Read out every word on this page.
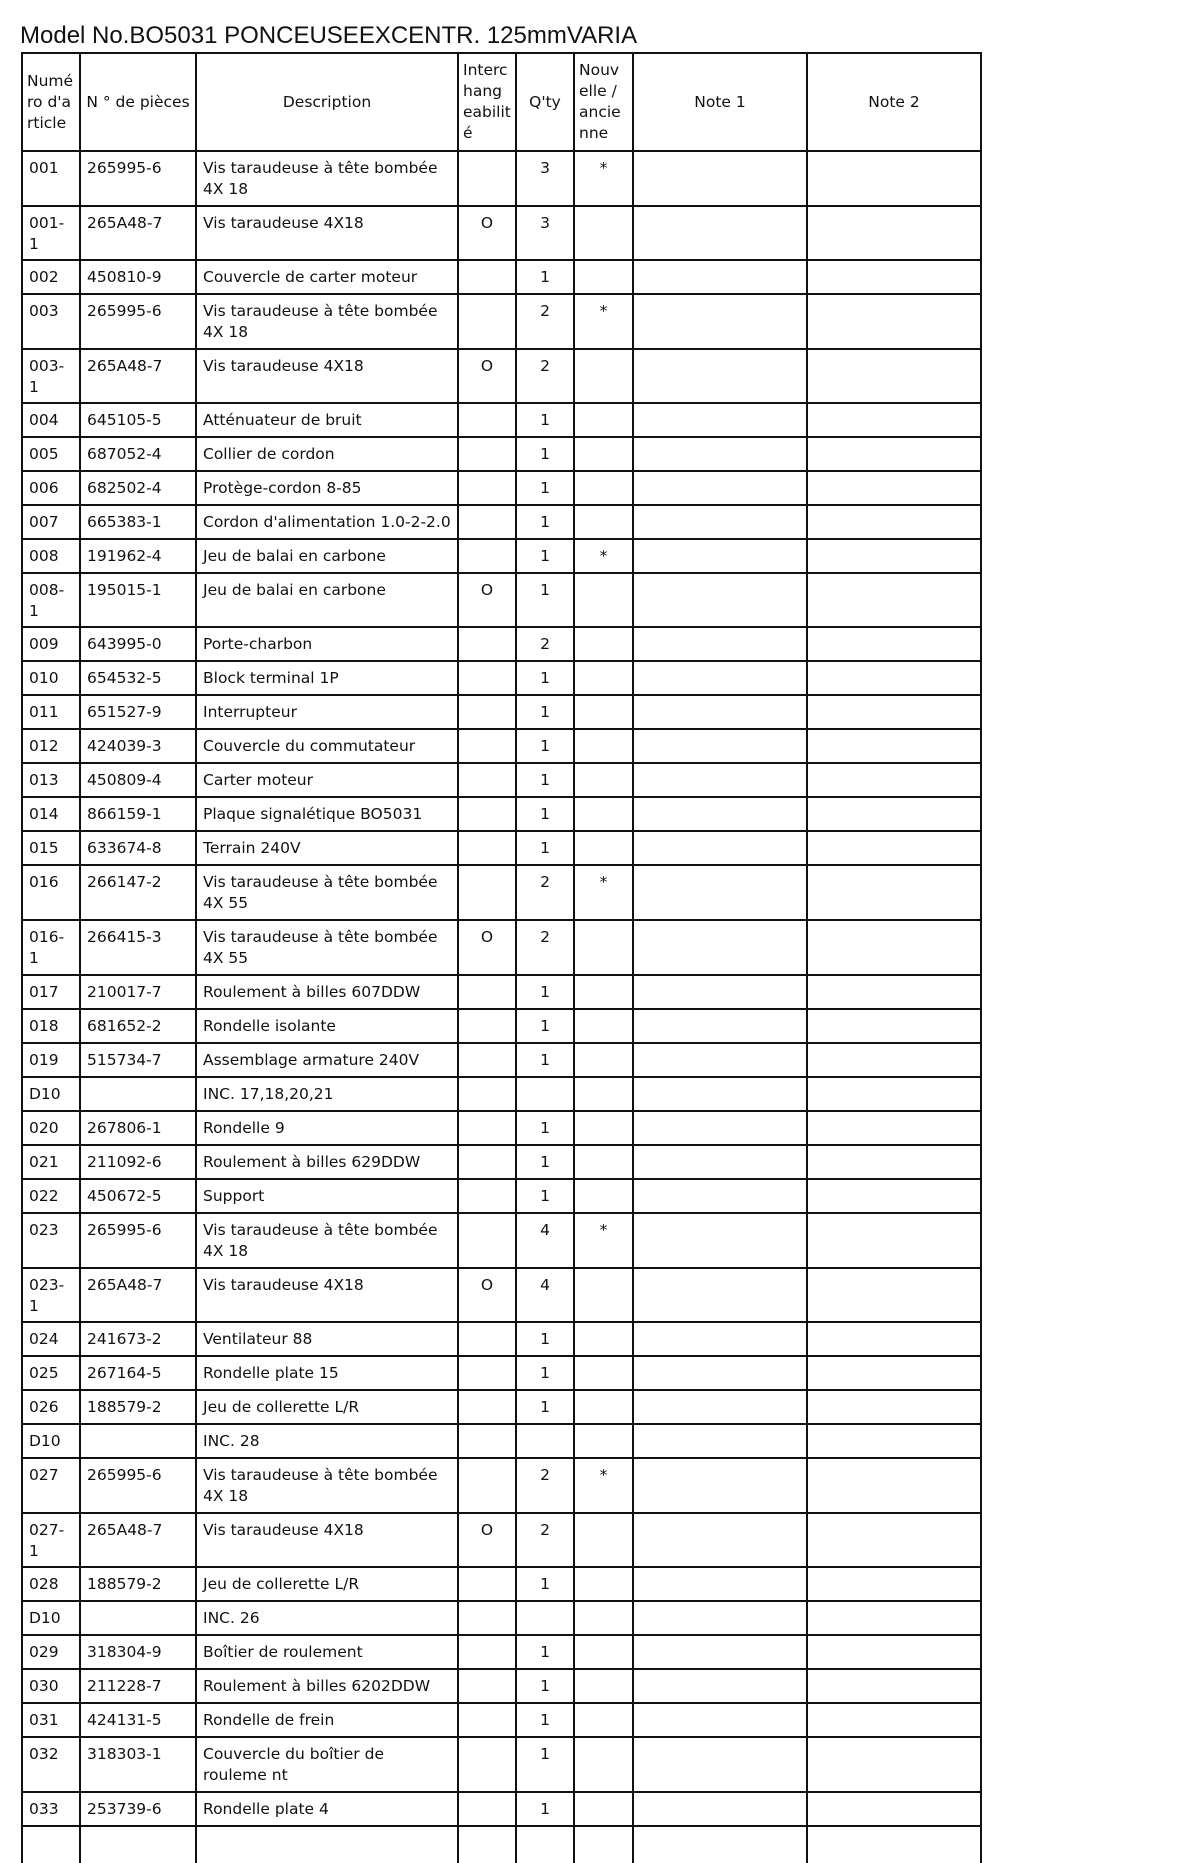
Model No.BO5031 PONCEUSEEXCENTR. 125mmVARIA
Numé
ro d'a
rticle	N ° de pièces	Description	Interc
hang
eabilit
é	Q'ty	Nouv
elle /
ancie
nne	Note 1	Note 2
001	265995-6	Vis taraudeuse à tête bombée 4X 18		3	*		
001-1	265A48-7	Vis taraudeuse 4X18	O	3			
002	450810-9	Couvercle de carter moteur		1			
003	265995-6	Vis taraudeuse à tête bombée 4X 18		2	*		
003-1	265A48-7	Vis taraudeuse 4X18	O	2			
004	645105-5	Atténuateur de bruit		1			
005	687052-4	Collier de cordon		1			
006	682502-4	Protège-cordon 8-85		1			
007	665383-1	Cordon d'alimentation 1.0-2-2.0		1			
008	191962-4	Jeu de balai en carbone		1	*		
008-1	195015-1	Jeu de balai en carbone	O	1			
009	643995-0	Porte-charbon		2			
010	654532-5	Block terminal 1P		1			
011	651527-9	Interrupteur		1			
012	424039-3	Couvercle du commutateur		1			
013	450809-4	Carter moteur		1			
014	866159-1	Plaque signalétique BO5031		1			
015	633674-8	Terrain 240V		1			
016	266147-2	Vis taraudeuse à tête bombée 4X 55		2	*		
016-1	266415-3	Vis taraudeuse à tête bombée 4X 55	O	2			
017	210017-7	Roulement à billes 607DDW		1			
018	681652-2	Rondelle isolante		1			
019	515734-7	Assemblage armature 240V		1			
D10		INC. 17,18,20,21					
020	267806-1	Rondelle 9		1			
021	211092-6	Roulement à billes 629DDW		1			
022	450672-5	Support		1			
023	265995-6	Vis taraudeuse à tête bombée 4X 18		4	*		
023-1	265A48-7	Vis taraudeuse 4X18	O	4			
024	241673-2	Ventilateur 88		1			
025	267164-5	Rondelle plate 15		1			
026	188579-2	Jeu de collerette L/R		1			
D10		INC. 28					
027	265995-6	Vis taraudeuse à tête bombée 4X 18		2	*		
027-1	265A48-7	Vis taraudeuse 4X18	O	2			
028	188579-2	Jeu de collerette L/R		1			
D10		INC. 26					
029	318304-9	Boîtier de roulement		1			
030	211228-7	Roulement à billes 6202DDW		1			
031	424131-5	Rondelle de frein		1			
032	318303-1	Couvercle du boîtier de rouleme nt		1			
033	253739-6	Rondelle plate 4		1			
